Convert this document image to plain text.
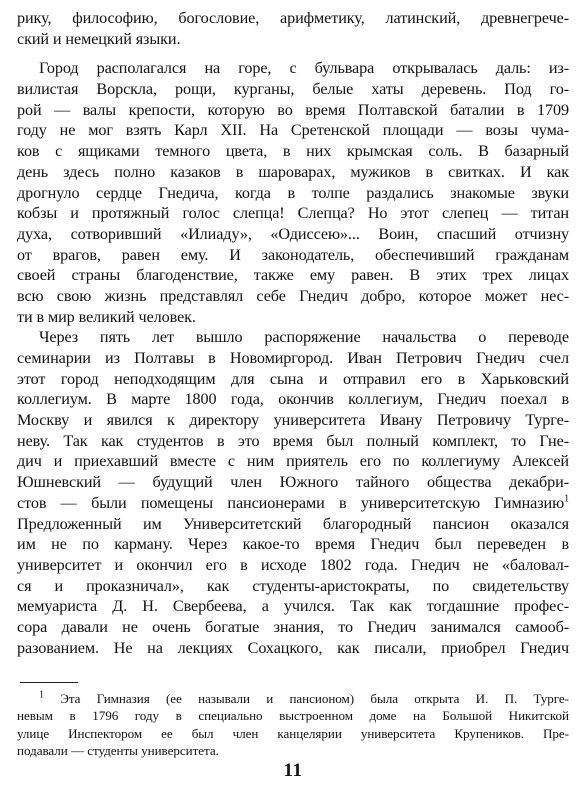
рику, философию, богословие, арифметику, латинский, древнегрече-
ский и немецкий языки.
Город располагался на горе, с бульвара открывалась даль: из-
вилистая Ворскла, рощи, курганы, белые хаты деревень. Под го-
рой — валы крепости, которую во время Полтавской баталии в 1709
году не мог взять Карл XII. На Сретенской площади — возы чума-
ков с ящиками темного цвета, в них крымская соль. В базарный
день здесь полно казаков в шароварах, мужиков в свитках. И как
дрогнуло сердце Гнедича, когда в толпе раздались знакомые звуки
кобзы и протяжный голос слепца! Слепца? Но этот слепец — титан
духа, сотворивший «Илиаду», «Одиссею»... Воин, спасший отчизну
от врагов, равен ему. И законодатель, обеспечивший гражданам
своей страны благоденствие, также ему равен. В этих трех лицах
всю свою жизнь представлял себе Гнедич добро, которое может нес-
ти в мир великий человек.
Через пять лет вышло распоряжение начальства о переводе
семинарии из Полтавы в Новомиргород. Иван Петрович Гнедич счел
этот город неподходящим для сына и отправил его в Харьковский
коллегиум. В марте 1800 года, окончив коллегиум, Гнедич поехал в
Москву и явился к директору университета Ивану Петровичу Турге-
неву. Так как студентов в это время был полный комплект, то Гне-
дич и приехавший вместе с ним приятель его по коллегиуму Алексей
Юшневский — будущий член Южного тайного общества декабри-
стов — были помещены пансионерами в университетскую Гимназию$^1$
Предложенный им Университетский благородный пансион оказался
им не по карману. Через какое-то время Гнедич был переведен в
университет и окончил его в исходе 1802 года. Гнедич не «баловал-
ся и проказничал», как студенты-аристократы, по свидетельству
мемуариста Д. Н. Свербеева, а учился. Так как тогдашние профес-
сора давали не очень богатые знания, то Гнедич занимался самооб-
разованием. Не на лекциях Сохацкого, как писали, приобрел Гнедич
$^1$ Эта Гимназия (ее называли и пансионом) была открыта И. П. Турге-
невым в 1796 году в специально выстроенном доме на Большой Никитской
улице Инспектором ее был член канцелярии университета Крупеников. Пре-
подавали — студенты университета.
11
